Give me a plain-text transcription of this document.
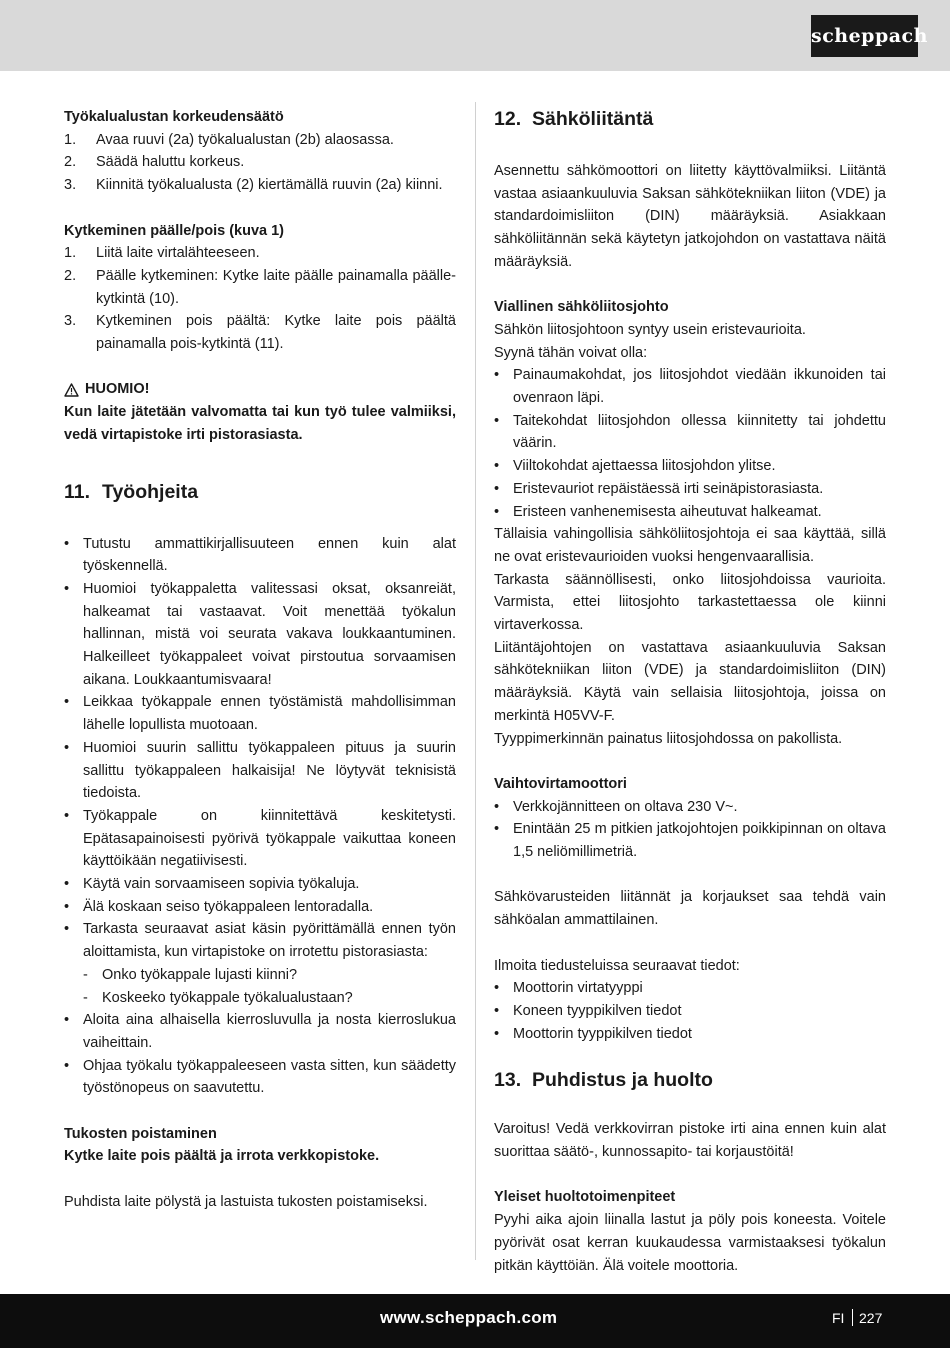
scheppach
Työkalualustan korkeudensäätö
1. Avaa ruuvi (2a) työkalualustan (2b) alaosassa.
2. Säädä haluttu korkeus.
3. Kiinnitä työkalualusta (2) kiertämällä ruuvin (2a) kiinni.
Kytkeminen päälle/pois (kuva 1)
1. Liitä laite virtalähteeseen.
2. Päälle kytkeminen: Kytke laite päälle painamalla päälle-kytkintä (10).
3. Kytkeminen pois päältä: Kytke laite pois päältä painamalla pois-kytkintä (11).
HUOMIO!
Kun laite jätetään valvomatta tai kun työ tulee valmiiksi, vedä virtapistoke irti pistorasiasta.
11. Työohjeita
• Tutustu ammattikirjallisuuteen ennen kuin alat työskennellä.
• Huomioi työkappaletta valitessasi oksat, oksanreiät, halkeamat tai vastaavat. Voit menettää työkalun hallinnan, mistä voi seurata vakava loukkaantuminen. Halkeilleet työkappaleet voivat pirstoutua sorvaamisen aikana. Loukkaantumisvaara!
• Leikkaa työkappale ennen työstämistä mahdollisimman lähelle lopullista muotoaan.
• Huomioi suurin sallittu työkappaleen pituus ja suurin sallittu työkappaleen halkaisija! Ne löytyvät teknisistä tiedoista.
• Työkappale on kiinnitettävä keskitetysti. Epätasapainoisesti pyörivä työkappale vaikuttaa koneen käyttöikään negatiivisesti.
• Käytä vain sorvaamiseen sopivia työkaluja.
• Älä koskaan seiso työkappaleen lentoradalla.
• Tarkasta seuraavat asiat käsin pyörittämällä ennen työn aloittamista, kun virtapistoke on irrotettu pistorasiasta:
- Onko työkappale lujasti kiinni?
- Koskeeko työkappale työkalualustaan?
• Aloita aina alhaisella kierrosluvulla ja nosta kierroslukua vaiheittain.
• Ohjaa työkalu työkappaleeseen vasta sitten, kun säädetty työstönopeus on saavutettu.
Tukosten poistaminen
Kytke laite pois päältä ja irrota verkkopistoke.

Puhdista laite pölystä ja lastuista tukosten poistamiseksi.

12. Sähköliitäntä

Asennettu sähkömoottori on liitetty käyttövalmiiksi. Liitäntä vastaa asiaankuuluvia Saksan sähkötekniikan liiton (VDE) ja standardoimisliiton (DIN) määräyksiä. Asiakkaan sähköliitännän sekä käytetyn jatkojohdon on vastattava näitä määräyksiä.

Viallinen sähköliitosjohto
Sähkön liitosjohtoon syntyy usein eristevaurioita.
Syynä tähän voivat olla:
• Painaumakohdat, jos liitosjohdot viedään ikkunoiden tai ovenraon läpi.
• Taitekohdat liitosjohdon ollessa kiinnitetty tai johdettu väärin.
• Viiltokohdat ajettaessa liitosjohdon ylitse.
• Eristevauriot repäistäessä irti seinäpistorasiasta.
• Eristeen vanhenemisesta aiheutuvat halkeamat.

Tällaisia vahingollisia sähköliitosjohtoja ei saa käyttää, sillä ne ovat eristevaurioiden vuoksi hengenvaarallisia.

Tarkasta säännöllisesti, onko liitosjohdoissa vaurioita. Varmista, ettei liitosjohto tarkastettaessa ole kiinni virtaverkossa.

Liitäntäjohtojen on vastattava asiaankuuluvia Saksan sähkötekniikan liiton (VDE) ja standardoimisliiton (DIN) määräyksiä. Käytä vain sellaisia liitosjohtoja, joissa on merkintä H05VV-F.

Tyyppimerkinnän painatus liitosjohdossa on pakollista.

Vaihtovirtamoottori
• Verkkojännitteen on oltava 230 V~.
• Enintään 25 m pitkien jatkojohtojen poikkipinnan on oltava 1,5 neliömillimetriä.

Sähkövarusteiden liitännät ja korjaukset saa tehdä vain sähköalan ammattilainen.

Ilmoita tiedusteluissa seuraavat tiedot:
• Moottorin virtatyyppi
• Koneen tyyppikilven tiedot
• Moottorin tyyppikilven tiedot
13. Puhdistus ja huolto

Varoitus! Vedä verkkovirran pistoke irti aina ennen kuin alat suorittaa säätö-, kunnossapito- tai korjaustöitä!

Yleiset huoltotoimenpiteet

Pyyhi aika ajoin liinalla lastut ja pöly pois koneesta. Voitele pyörivät osat kerran kuukaudessa varmistaaksesi työkalun pitkän käyttöiän. Älä voitele moottoria.

www.scheppach.com	FI 227
